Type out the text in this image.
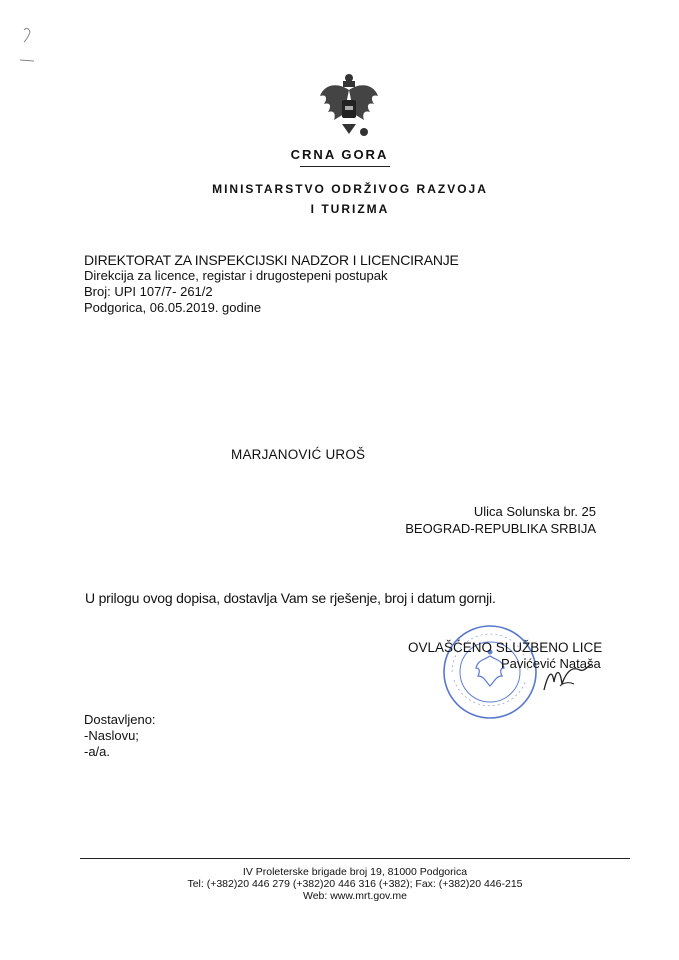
CRNA GORA
MINISTARSTVO ODRŽIVOG RAZVOJA
I TURIZMA
DIREKTORAT ZA INSPEKCIJSKI NADZOR I LICENCIRANJE
Direkcija za licence, registar i drugostepeni postupak
Broj: UPI 107/7- 261/2
Podgorica, 06.05.2019. godine
MARJANOVIĆ UROŠ
Ulica Solunska br. 25
BEOGRAD-REPUBLIKA SRBIJA
U prilogu ovog dopisa, dostavlja Vam se rješenje, broj i datum gornji.
OVLAŠĆENO SLUŽBENO LICE
Pavićević Nataša
Dostavljeno:
-Naslovu;
-a/a.
IV Proleterske brigade broj 19, 81000 Podgorica
Tel: (+382)20 446 279 (+382)20 446 316 (+382); Fax: (+382)20 446-215
Web: www.mrt.gov.me
